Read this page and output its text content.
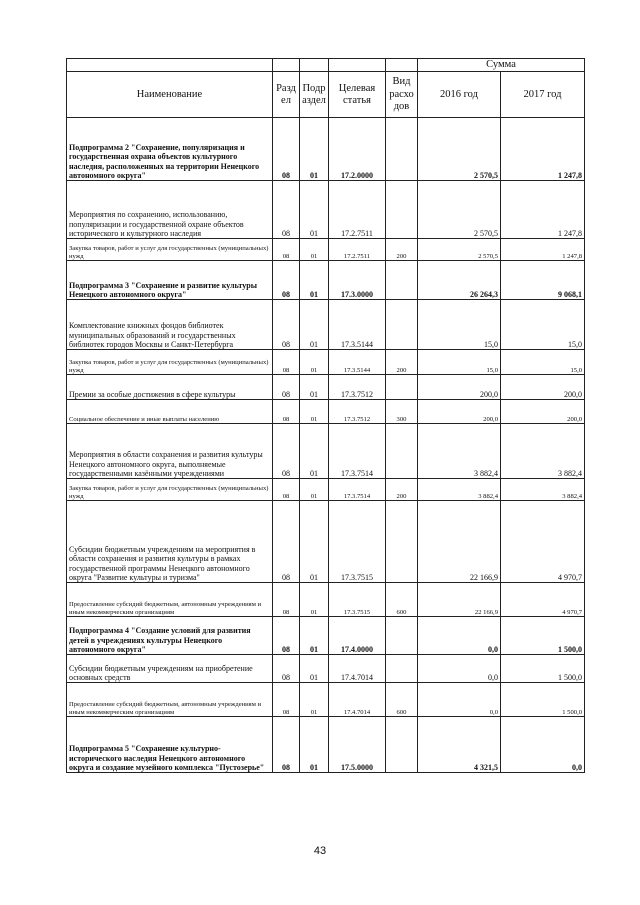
					Сумма	
Наименование	Разд ел	Подр аздел	Целевая статья	Вид расхо дов	2016 год	2017 год
Подпрограмма 2 "Сохранение, популяризация и государственная охрана объектов культурного наследия, расположенных на территории Ненецкого автономного округа"	08	01	17.2.0000		2 570,5	1 247,8
Мероприятия по сохранению, использованию, популяризации и государственной охране объектов исторического и культурного наследия	08	01	17.2.7511		2 570,5	1 247,8
Закупка товаров, работ и услуг для государственных (муниципальных) нужд	08	01	17.2.7511	200	2 570,5	1 247,8
Подпрограмма 3 "Сохранение и развитие культуры Ненецкого автономного округа"	08	01	17.3.0000		26 264,3	9 068,1
Комплектование книжных фондов библиотек муниципальных образований и государственных библиотек городов Москвы и Санкт-Петербурга	08	01	17.3.5144		15,0	15,0
Закупка товаров, работ и услуг для государственных (муниципальных) нужд	08	01	17.3.5144	200	15,0	15,0
Премии за особые достижения в сфере культуры	08	01	17.3.7512		200,0	200,0
Социальное обеспечение и иные выплаты населению	08	01	17.3.7512	300	200,0	200,0
Мероприятия в области сохранения и развития культуры Ненецкого автономного округа, выполняемые государственными казёнными учреждениями	08	01	17.3.7514		3 882,4	3 882,4
Закупка товаров, работ и услуг для государственных (муниципальных) нужд	08	01	17.3.7514	200	3 882,4	3 882,4
Субсидии бюджетным учреждениям на мероприятия в области сохранения и развития культуры в рамках государственной программы Ненецкого автономного округа "Развитие культуры и туризма"	08	01	17.3.7515		22 166,9	4 970,7
Предоставление субсидий бюджетным, автономным учреждениям и иным некоммерческим организациям	08	01	17.3.7515	600	22 166,9	4 970,7
Подпрограмма 4 "Создание условий для развития детей в учреждениях культуры Ненецкого автономного округа"	08	01	17.4.0000		0,0	1 500,0
Субсидии бюджетным учреждениям на приобретение основных средств	08	01	17.4.7014		0,0	1 500,0
Предоставление субсидий бюджетным, автономным учреждениям и иным некоммерческим организациям	08	01	17.4.7014	600	0,0	1 500,0
Подпрограмма 5 "Сохранение культурно-исторического наследия Ненецкого автономного округа и создание музейного комплекса "Пустозерье"	08	01	17.5.0000		4 321,5	0,0
43
